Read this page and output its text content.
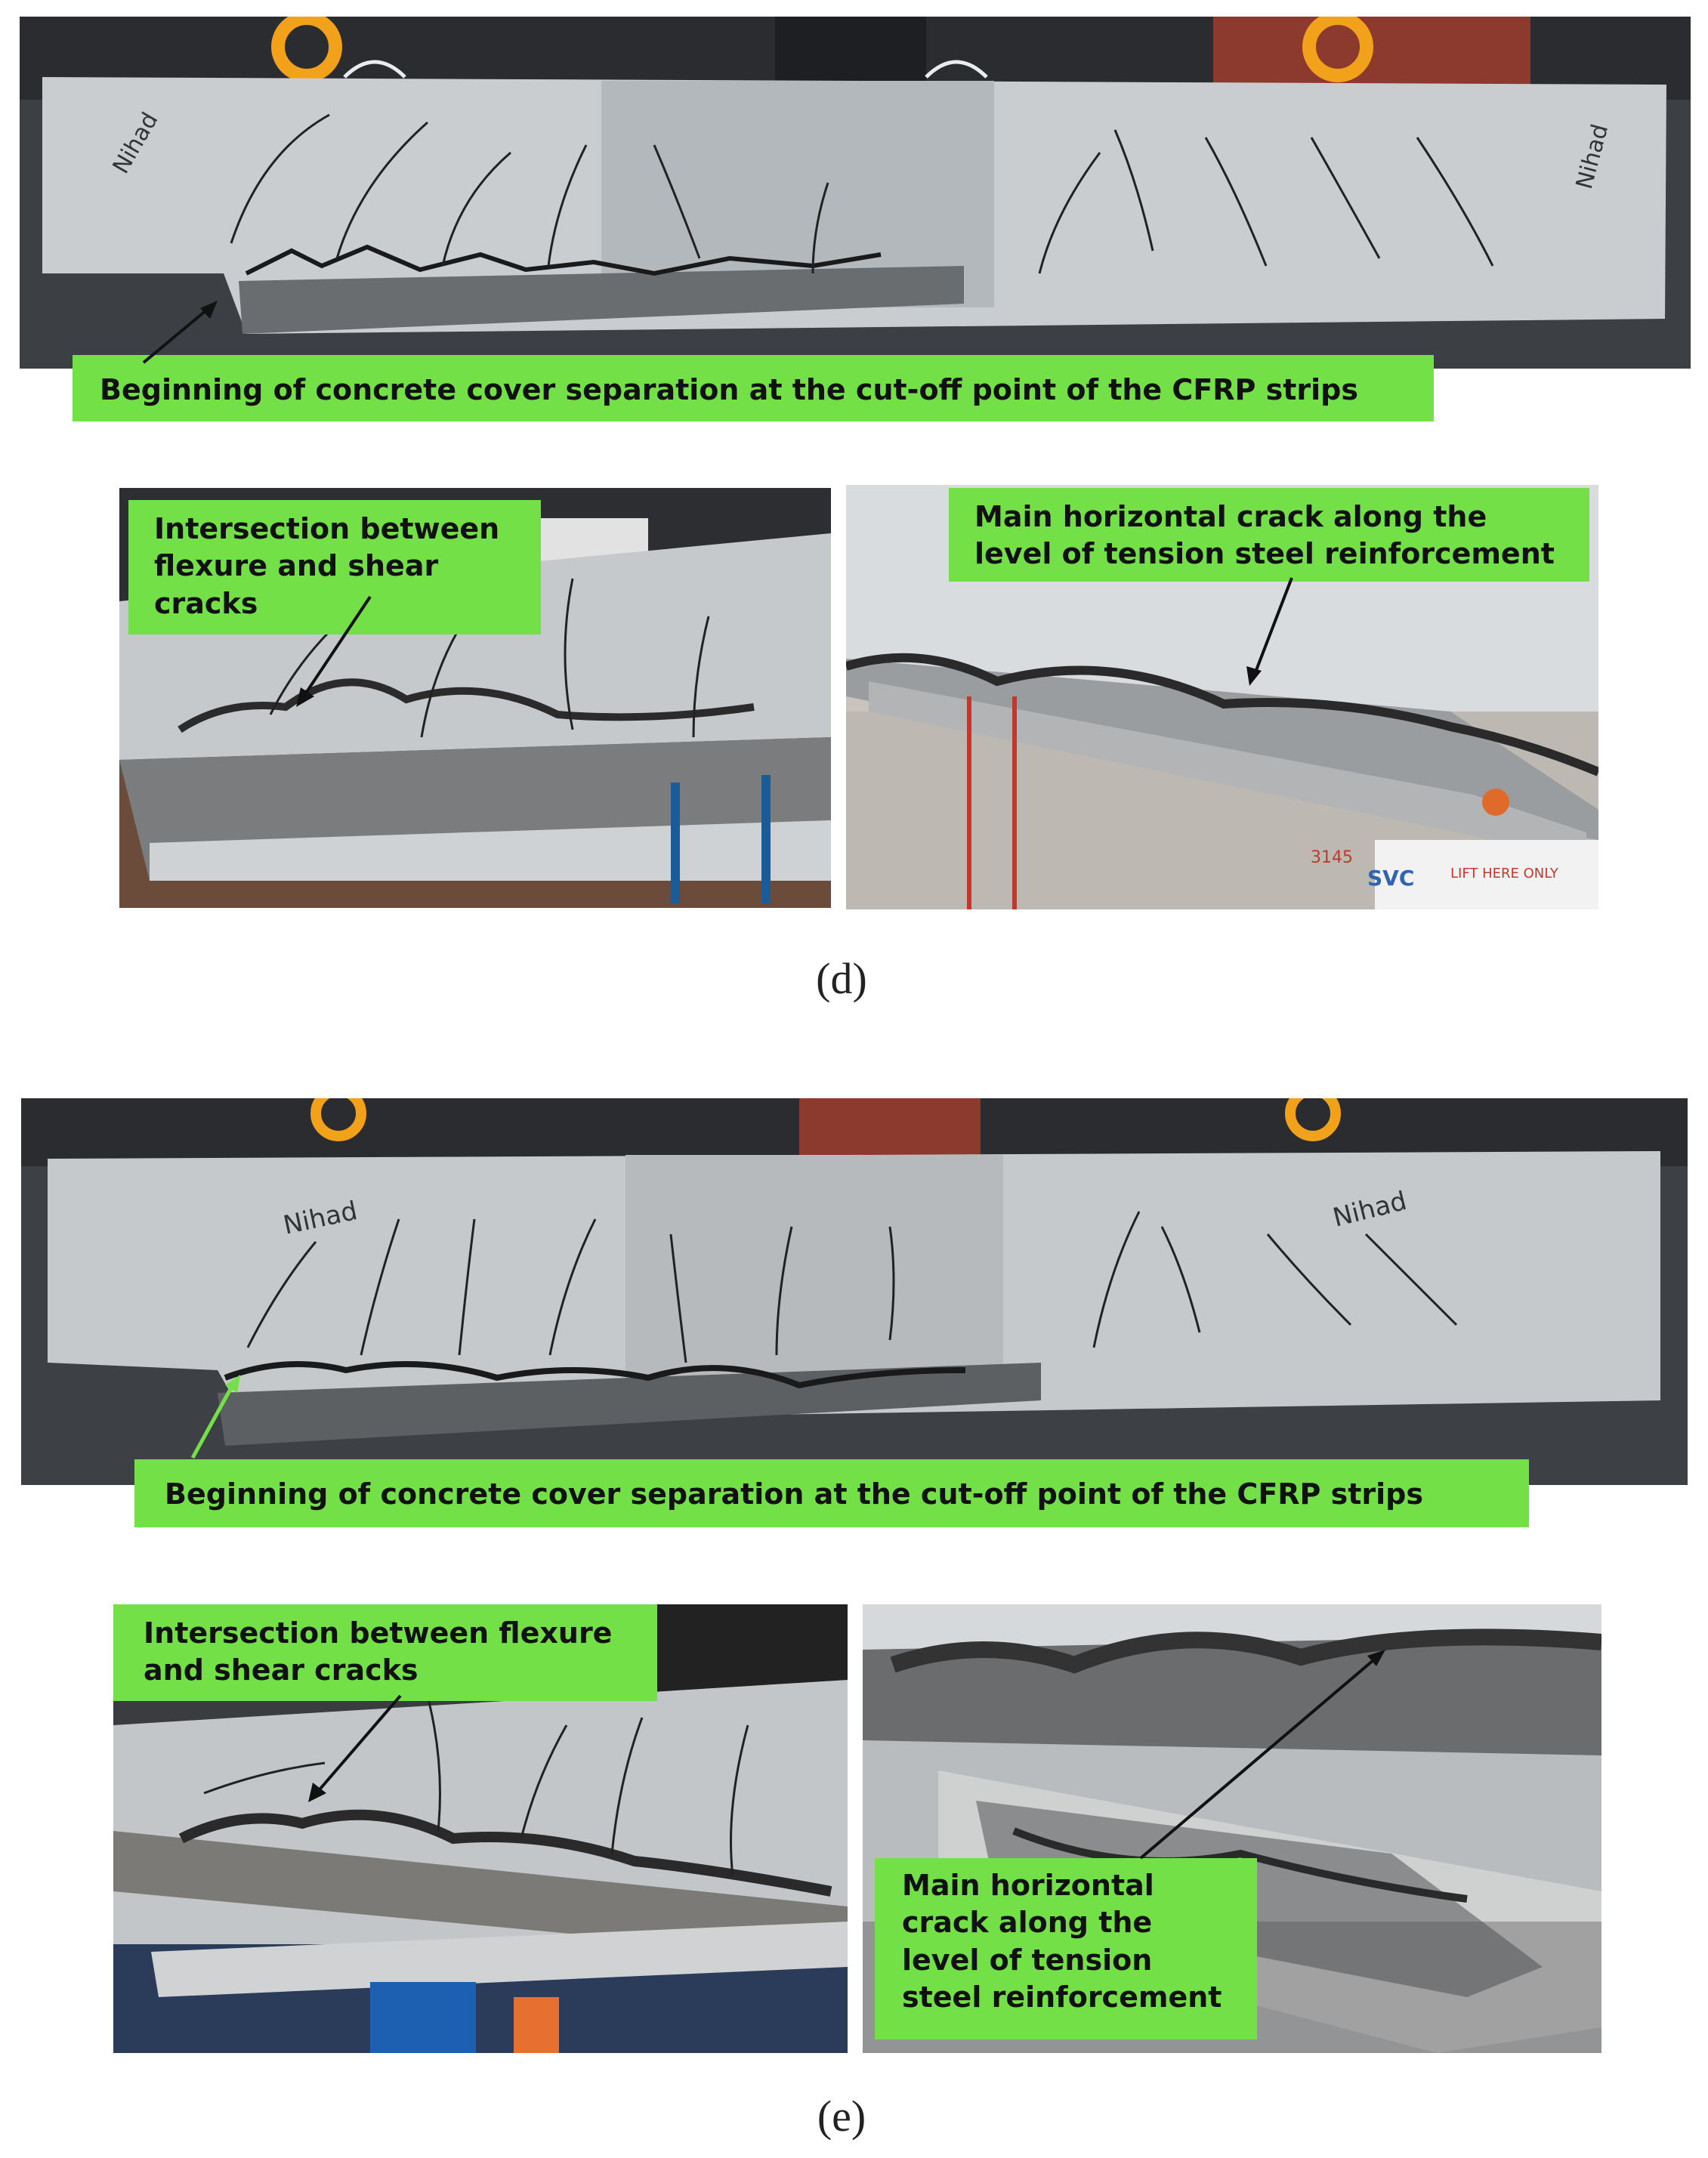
Nihad	Nihad
Beginning of concrete cover separation at the cut-off point of the CFRP strips
Intersection between
flexure and shear
cracks
3145
SVC	LIFT HERE ONLY
Main horizontal crack along the
level of tension steel reinforcement
(d)
Nihad	Nihad
Beginning of concrete cover separation at the cut-off point of the CFRP strips
Intersection between flexure
and shear cracks
Main horizontal
crack along the
level of tension
steel reinforcement
(e)
